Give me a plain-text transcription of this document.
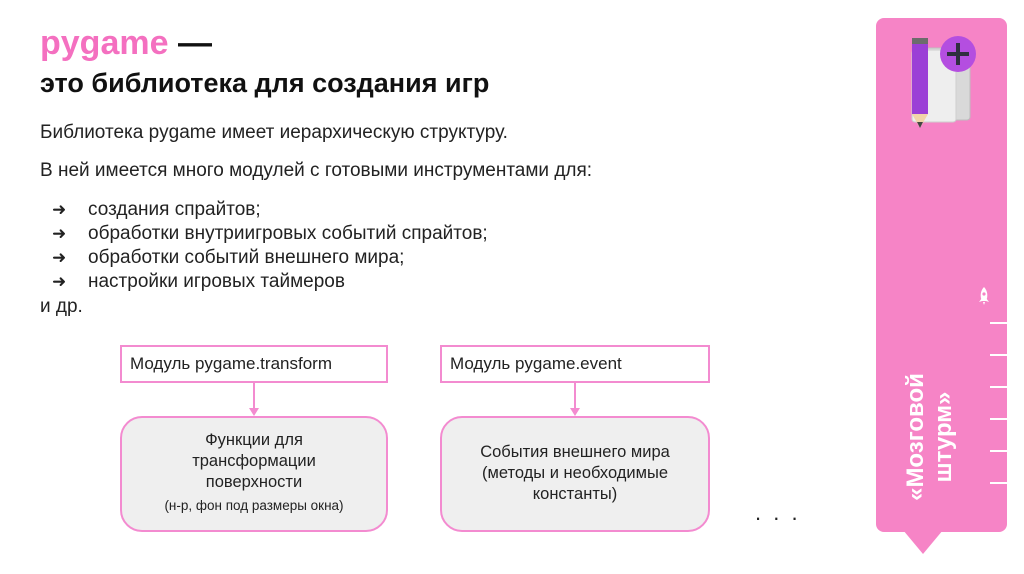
pygame —
это библиотека для создания игр
Библиотека pygame имеет иерархическую структуру.
В ней имеется много модулей с готовыми инструментами для:
➜	создания спрайтов;
➜	обработки внутриигровых событий спрайтов;
➜	обработки событий внешнего мира;
➜	настройки игровых таймеров
и др.
Модуль pygame.transform
Функции для
трансформации
поверхности
(н-р, фон под размеры окна)
Модуль pygame.event
События внешнего мира
(методы и необходимые
константы)
. . .
«Мозговой штурм»
